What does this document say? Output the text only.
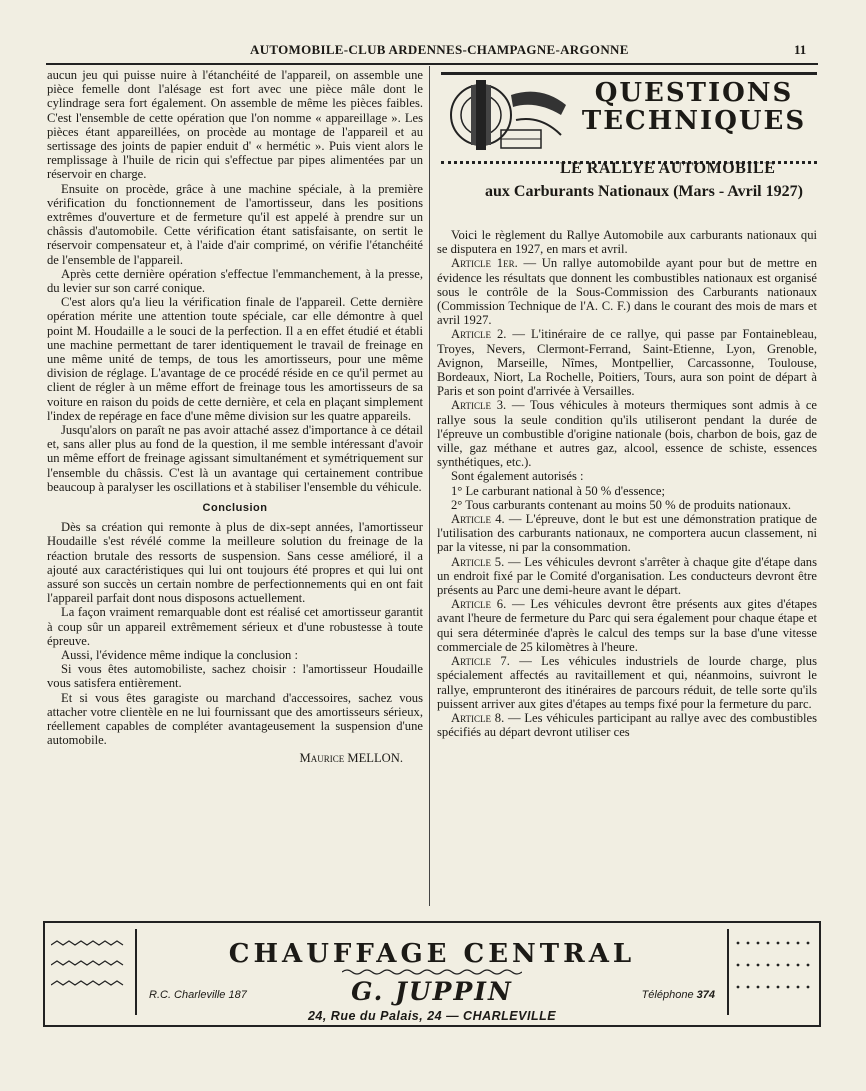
AUTOMOBILE-CLUB ARDENNES-CHAMPAGNE-ARGONNE	11

aucun jeu qui puisse nuire à l'étanchéité de l'appareil, on assemble une pièce femelle dont l'alésage est fort avec une pièce mâle dont le cylindrage sera fort également. On assemble de même les pièces faibles. C'est l'ensemble de cette opération que l'on nomme « appareillage ». Les pièces étant appareillées, on procède au montage de l'appareil et au sertissage des joints de papier enduit d' « hermétic ». Puis vient alors le remplissage à l'huile de ricin qui s'effectue par pipes alimentées par un réservoir en charge.

Ensuite on procède, grâce à une machine spéciale, à la première vérification du fonctionnement de l'amortisseur, dans les positions extrêmes d'ouverture et de fermeture qu'il est appelé à prendre sur un châssis d'automobile. Cette vérification étant satisfaisante, on sertit le réservoir compensateur et, à l'aide d'air comprimé, on vérifie l'étanchéité de l'ensemble de l'appareil.

Après cette dernière opération s'effectue l'emmanchement, à la presse, du levier sur son carré conique.

C'est alors qu'a lieu la vérification finale de l'appareil. Cette dernière opération mérite une attention toute spéciale, car elle démontre à quel point M. Houdaille a le souci de la perfection. Il a en effet étudié et établi une machine permettant de tarer identiquement le travail de freinage en une même unité de temps, de tous les amortisseurs, pour une même division de réglage. L'avantage de ce procédé réside en ce qu'il permet au client de régler à un même effort de freinage tous les amortisseurs de sa voiture en raison du poids de cette dernière, et cela en plaçant simplement l'index de repérage en face d'une même division sur les quatre appareils.

Jusqu'alors on paraît ne pas avoir attaché assez d'importance à ce détail et, sans aller plus au fond de la question, il me semble intéressant d'avoir un même effort de freinage agissant simultanément et symétriquement sur l'ensemble du châssis. C'est là un avantage qui certainement contribue beaucoup à paralyser les oscillations et à stabiliser l'ensemble du véhicule.

Conclusion

Dès sa création qui remonte à plus de dix-sept années, l'amortisseur Houdaille s'est révélé comme la meilleure solution du freinage de la réaction brutale des ressorts de suspension. Sans cesse amélioré, il a ajouté aux caractéristiques qui lui ont toujours été propres et qui lui ont assuré son succès un certain nombre de perfectionnements qui en ont fait l'appareil parfait dont nous disposons actuellement.

La façon vraiment remarquable dont est réalisé cet amortisseur garantit à coup sûr un appareil extrêmement sérieux et d'une robustesse à toute épreuve.

Aussi, l'évidence même indique la conclusion :

Si vous êtes automobiliste, sachez choisir : l'amortisseur Houdaille vous satisfera entièrement.

Et si vous êtes garagiste ou marchand d'accessoires, sachez vous attacher votre clientèle en ne lui fournissant que des amortisseurs sérieux, réellement capables de compléter avantageusement la suspension d'une automobile.

Maurice MELLON.
QUESTIONS
TECHNIQUES
LE RALLYE AUTOMOBILE
aux Carburants Nationaux (Mars - Avril 1927)

Voici le règlement du Rallye Automobile aux carburants nationaux qui se disputera en 1927, en mars et avril.

Article 1er. — Un rallye automobilde ayant pour but de mettre en évidence les résultats que donnent les combustibles nationaux est organisé sous le contrôle de la Sous-Commission des Carburants nationaux (Commission Technique de l'A. C. F.) dans le courant des mois de mars et avril 1927.

Article 2. — L'itinéraire de ce rallye, qui passe par Fontainebleau, Troyes, Nevers, Clermont-Ferrand, Saint-Etienne, Lyon, Grenoble, Avignon, Marseille, Nîmes, Montpellier, Carcassonne, Toulouse, Bordeaux, Niort, La Rochelle, Poitiers, Tours, aura son point de départ à Paris et son point d'arrivée à Versailles.

Article 3. — Tous véhicules à moteurs thermiques sont admis à ce rallye sous la seule condition qu'ils utiliseront pendant la durée de l'épreuve un combustible d'origine nationale (bois, charbon de bois, gaz de ville, gaz méthane et autres gaz, alcool, essence de schiste, essences synthétiques, etc.).

Sont également autorisés :

1° Le carburant national à 50 % d'essence;

2° Tous carburants contenant au moins 50 % de produits nationaux.

Article 4. — L'épreuve, dont le but est une démonstration pratique de l'utilisation des carburants nationaux, ne comportera aucun classement, ni par la vitesse, ni par la consommation.

Article 5. — Les véhicules devront s'arrêter à chaque gite d'étape dans un endroit fixé par le Comité d'organisation. Les conducteurs devront être présents au Parc une demi-heure avant le départ.

Article 6. — Les véhicules devront être présents aux gites d'étapes avant l'heure de fermeture du Parc qui sera également pour chaque étape et qui sera déterminée d'après le calcul des temps sur la base d'une vitesse commerciale de 25 kilomètres à l'heure.

Article 7. — Les véhicules industriels de lourde charge, plus spécialement affectés au ravitaillement et qui, néanmoins, suivront le rallye, emprunteront des itinéraires de parcours réduit, de telle sorte qu'ils puissent arriver aux gites d'étapes au temps fixé pour la fermeture du parc.

Article 8. — Les véhicules participant au rallye avec des combustibles spécifiés au départ devront utiliser ces

CHAUFFAGE CENTRAL
G. JUPPIN
R.C. Charleville 187	Téléphone 374
24, Rue du Palais, 24 — CHARLEVILLE
